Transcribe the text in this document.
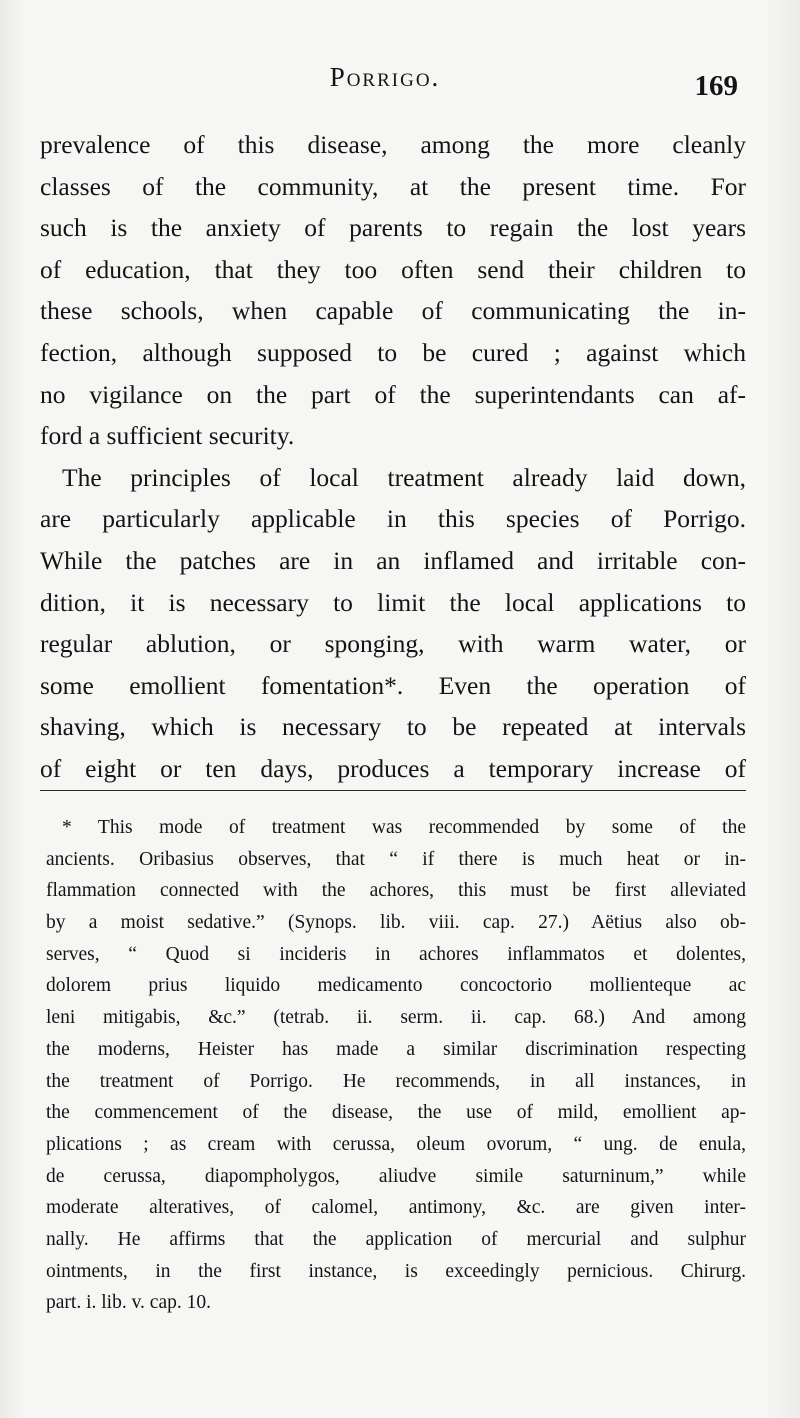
Porrigo.	169
prevalence of this disease, among the more cleanly
classes of the community, at the present time. For
such is the anxiety of parents to regain the lost years
of education, that they too often send their children to
these schools, when capable of communicating the in-
fection, although supposed to be cured ; against which
no vigilance on the part of the superintendants can af-
ford a sufficient security.
The principles of local treatment already laid down,
are particularly applicable in this species of Porrigo.
While the patches are in an inflamed and irritable con-
dition, it is necessary to limit the local applications to
regular ablution, or sponging, with warm water, or
some emollient fomentation*. Even the operation of
shaving, which is necessary to be repeated at intervals
of eight or ten days, produces a temporary increase of
* This mode of treatment was recommended by some of the
ancients. Oribasius observes, that “ if there is much heat or in-
flammation connected with the achores, this must be first alleviated
by a moist sedative.” (Synops. lib. viii. cap. 27.) Aëtius also ob-
serves, “ Quod si incideris in achores inflammatos et dolentes,
dolorem prius liquido medicamento concoctorio mollienteque ac
leni mitigabis, &c.” (tetrab. ii. serm. ii. cap. 68.) And among
the moderns, Heister has made a similar discrimination respecting
the treatment of Porrigo. He recommends, in all instances, in
the commencement of the disease, the use of mild, emollient ap-
plications ; as cream with cerussa, oleum ovorum, “ ung. de enula,
de cerussa, diapompholygos, aliudve simile saturninum,” while
moderate alteratives, of calomel, antimony, &c. are given inter-
nally. He affirms that the application of mercurial and sulphur
ointments, in the first instance, is exceedingly pernicious. Chirurg.
part. i. lib. v. cap. 10.
